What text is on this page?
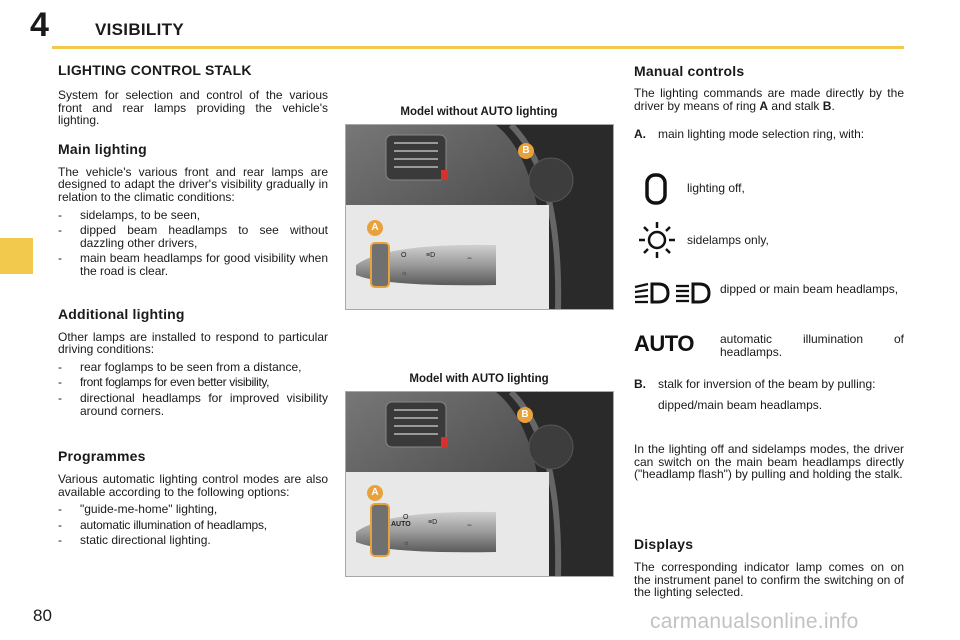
4	VISIBILITY
LIGHTING CONTROL STALK
System for selection and control of the various front and rear lamps providing the vehicle's lighting.
Main lighting
The vehicle's various front and rear lamps are designed to adapt the driver's visibility gradually in relation to the climatic conditions:
- sidelamps, to be seen,
- dipped beam headlamps to see without dazzling other drivers,
- main beam headlamps for good visibility when the road is clear.
Additional lighting
Other lamps are installed to respond to particular driving conditions:
- rear foglamps to be seen from a distance,
- front foglamps for even better visibility,
- directional headlamps for improved visibility around corners.
Programmes
Various automatic lighting control modes are also available according to the following options:
- "guide-me-home" lighting,
- automatic illumination of headlamps,
- static directional lighting.
Model without AUTO lighting
O	≡D	⇔
☼
A
B
Model with AUTO lighting
O
≡D	⇔
☼
AUTO
A
B
Manual controls
The lighting commands are made directly by the driver by means of ring A and stalk B.
A. main lighting mode selection ring, with:
lighting off,
sidelamps only,
dipped or main beam headlamps,
AUTO automatic illumination of headlamps.
B. stalk for inversion of the beam by pulling:
dipped/main beam headlamps.
In the lighting off and sidelamps modes, the driver can switch on the main beam headlamps directly ("headlamp flash") by pulling and holding the stalk.
Displays
The corresponding indicator lamp comes on on the instrument panel to confirm the switching on of the lighting selected.
80	carmanualsonline.info
